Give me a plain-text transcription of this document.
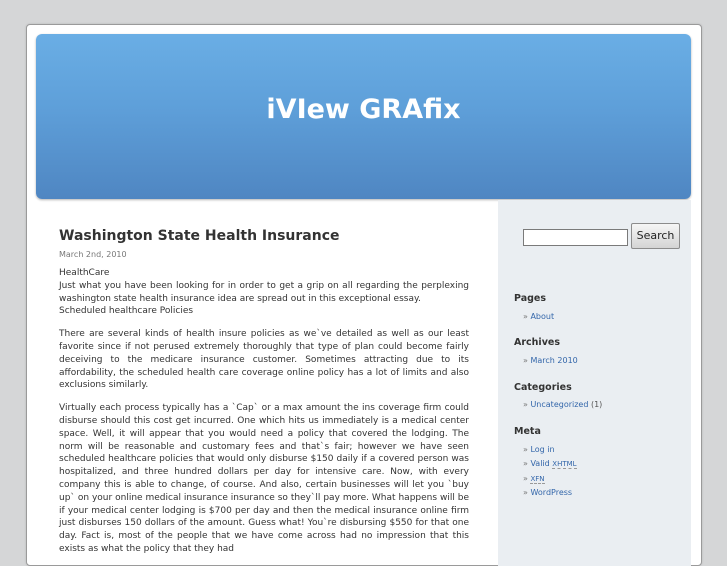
iVIew GRAfix
Washington State Health Insurance
March 2nd, 2010

HealthCare
Just what you have been looking for in order to get a grip on all regarding the perplexing washington state health insurance idea are spread out in this exceptional essay.
Scheduled healthcare Policies

There are several kinds of health insure policies as we`ve detailed as well as our least favorite since if not perused extremely thoroughly that type of plan could become fairly deceiving to the medicare insurance customer. Sometimes attracting due to its affordability, the scheduled health care coverage online policy has a lot of limits and also exclusions similarly.

Virtually each process typically has a `Cap` or a max amount the ins coverage firm could disburse should this cost get incurred. One which hits us immediately is a medical center space. Well, it will appear that you would need a policy that covered the lodging. The norm will be reasonable and customary fees and that`s fair; however we have seen scheduled healthcare policies that would only disburse $150 daily if a covered person was hospitalized, and three hundred dollars per day for intensive care. Now, with every company this is able to change, of course. And also, certain businesses will let you `buy up` on your online medical insurance insurance so they`ll pay more. What happens will be if your medical center lodging is $700 per day and then the medical insurance online firm just disburses 150 dollars of the amount. Guess what! You`re disbursing $550 for that one day. Fact is, most of the people that we have come across had no impression that this exists as what the policy that they had

Search
Pages
» About
Archives
» March 2010
Categories
» Uncategorized (1)
Meta
» Log in
» Valid XHTML
» XFN
» WordPress
